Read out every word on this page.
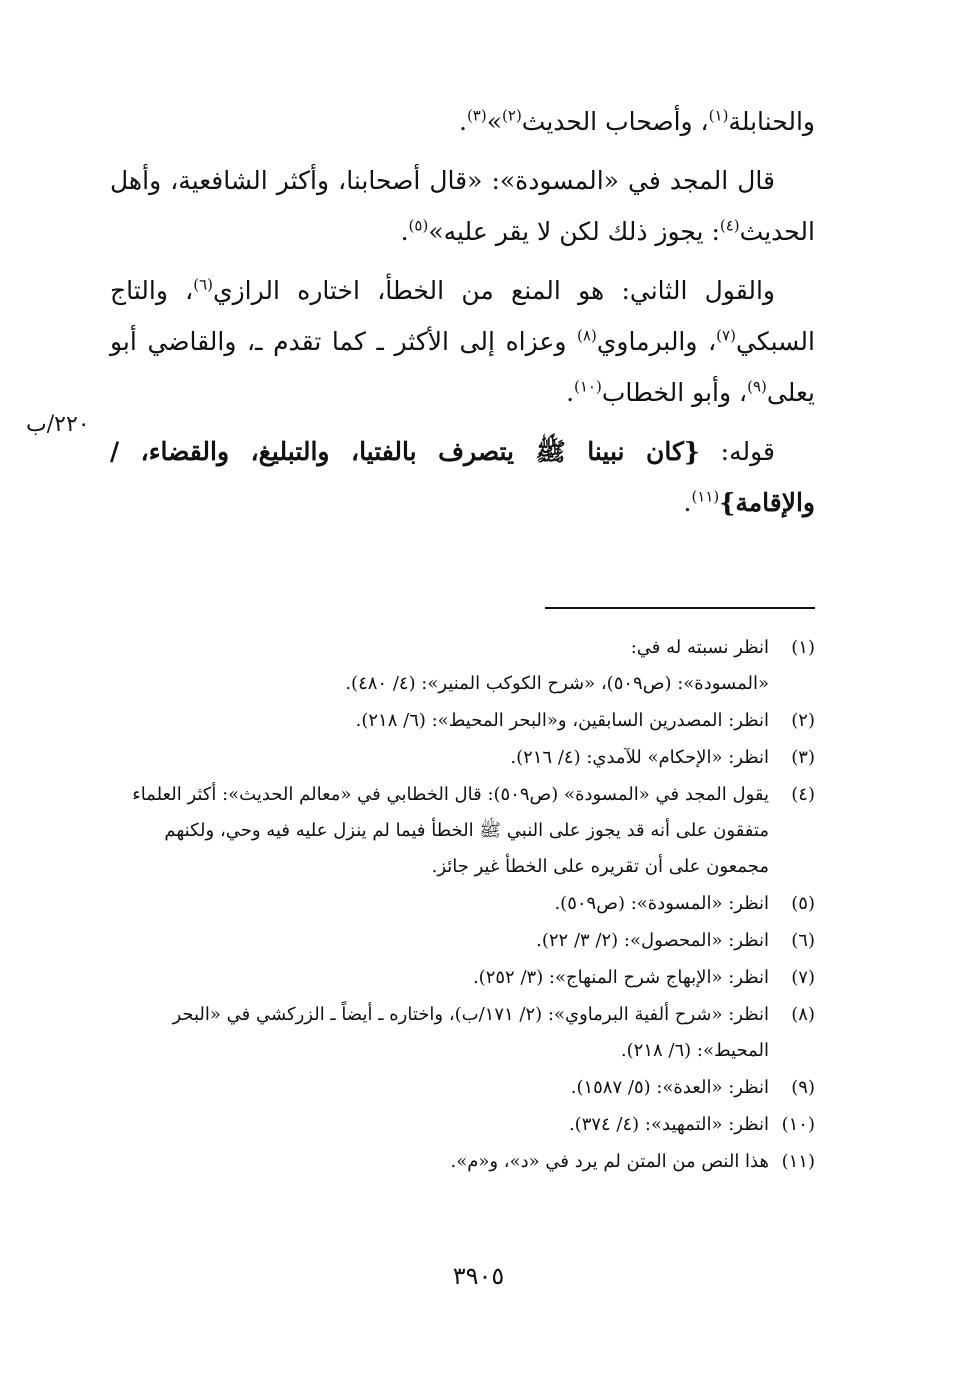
والحنابلة$^{(١)}$، وأصحاب الحديث$^{(٢)}$»$^{(٣)}$.

قال المجد في «المسودة»: «قال أصحابنا، وأكثر الشافعية، وأهل الحديث$^{(٤)}$: يجوز ذلك لكن لا يقر عليه»$^{(٥)}$.

والقول الثاني: هو المنع من الخطأ، اختاره الرازي$^{(٦)}$، والتاج السبكي$^{(٧)}$، والبرماوي$^{(٨)}$ وعزاه إلى الأكثر ـ كما تقدم ـ، والقاضي أبو يعلى$^{(٩)}$، وأبو الخطاب$^{(١٠)}$.

قوله: {كان نبينا ﷺ يتصرف بالفتيا، والتبليغ، والقضاء، / والإقامة}$^{(١١)}$.

٢٢٠/ب
(١)
انظر نسبته له في:
«المسودة»: (ص٥٠٩)، «شرح الكوكب المنير»: (٤/ ٤٨٠).
(٢)
انظر: المصدرين السابقين، و«البحر المحيط»: (٦/ ٢١٨).
(٣)
انظر: «الإحكام» للآمدي: (٤/ ٢١٦).
(٤)
يقول المجد في «المسودة» (ص٥٠٩): قال الخطابي في «معالم الحديث»: أكثر العلماء متفقون على أنه قد يجوز على النبي ﷺ الخطأ فيما لم ينزل عليه فيه وحي، ولكنهم مجمعون على أن تقريره على الخطأ غير جائز.
(٥)
انظر: «المسودة»: (ص٥٠٩).
(٦)
انظر: «المحصول»: (٢/ ٣/ ٢٢).
(٧)
انظر: «الإبهاج شرح المنهاج»: (٣/ ٢٥٢).
(٨)
انظر: «شرح ألفية البرماوي»: (٢/ ١٧١/ب)، واختاره ـ أيضاً ـ الزركشي في «البحر المحيط»: (٦/ ٢١٨).
(٩)
انظر: «العدة»: (٥/ ١٥٨٧).
(١٠)
انظر: «التمهيد»: (٤/ ٣٧٤).
(١١)
هذا النص من المتن لم يرد في «د»، و«م».
٣٩٠٥
